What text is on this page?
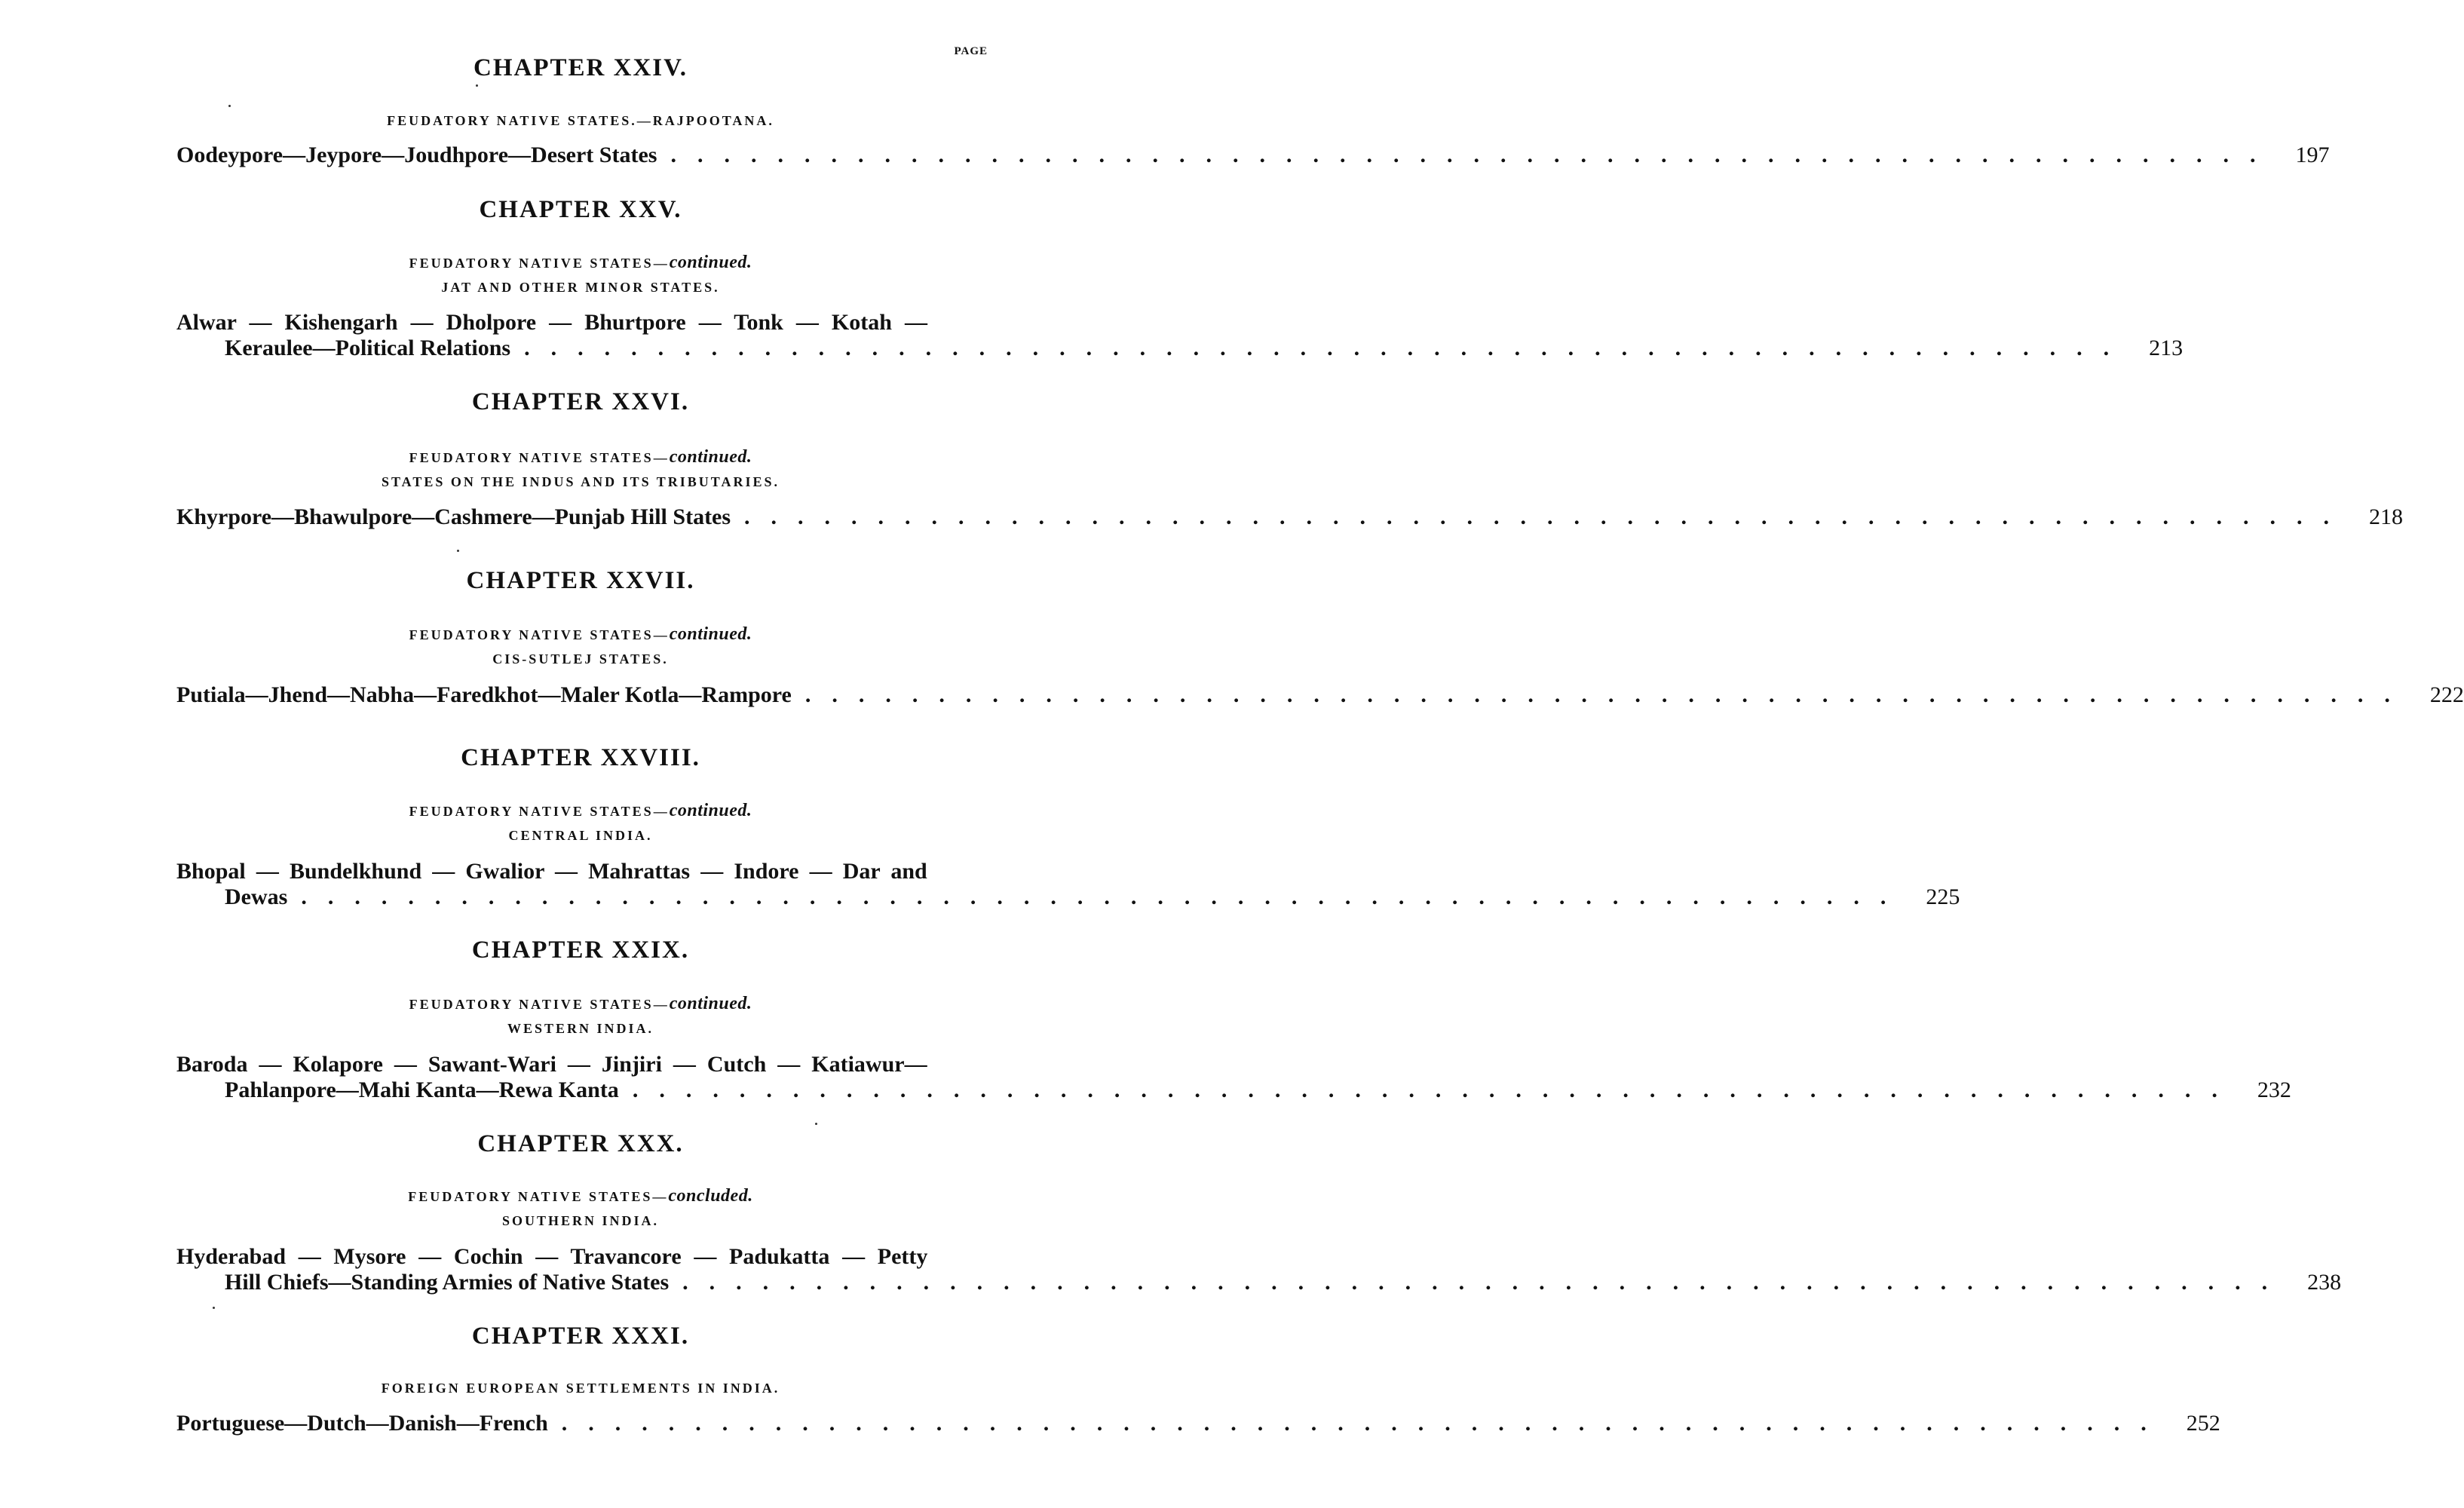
PAGE
CHAPTER XXIV.
FEUDATORY NATIVE STATES.—RAJPOOTANA.
Oodeypore—Jeypore—Joudhpore—Desert States ............................................................ 197
CHAPTER XXV.
FEUDATORY NATIVE STATES—continued.
JAT AND OTHER MINOR STATES.
Alwar — Kishengarh — Dholpore — Bhurtpore — Tonk — Kotah —
Keraulee—Political Relations ............................................................ 213
CHAPTER XXVI.
FEUDATORY NATIVE STATES—continued.
STATES ON THE INDUS AND ITS TRIBUTARIES.
Khyrpore—Bhawulpore—Cashmere—Punjab Hill States ............................................................ 218
CHAPTER XXVII.
FEUDATORY NATIVE STATES—continued.
CIS-SUTLEJ STATES.
Putiala—Jhend—Nabha—Faredkhot—Maler Kotla—Rampore ............................................................ 222
CHAPTER XXVIII.
FEUDATORY NATIVE STATES—continued.
CENTRAL INDIA.
Bhopal — Bundelkhund — Gwalior — Mahrattas — Indore — Dar and
Dewas ............................................................ 225
CHAPTER XXIX.
FEUDATORY NATIVE STATES—continued.
WESTERN INDIA.
Baroda — Kolapore — Sawant-Wari — Jinjiri — Cutch — Katiawur—
Pahlanpore—Mahi Kanta—Rewa Kanta ............................................................ 232
CHAPTER XXX.
FEUDATORY NATIVE STATES—concluded.
SOUTHERN INDIA.
Hyderabad — Mysore — Cochin — Travancore — Padukatta — Petty
Hill Chiefs—Standing Armies of Native States ............................................................ 238
CHAPTER XXXI.
FOREIGN EUROPEAN SETTLEMENTS IN INDIA.
Portuguese—Dutch—Danish—French ............................................................ 252
